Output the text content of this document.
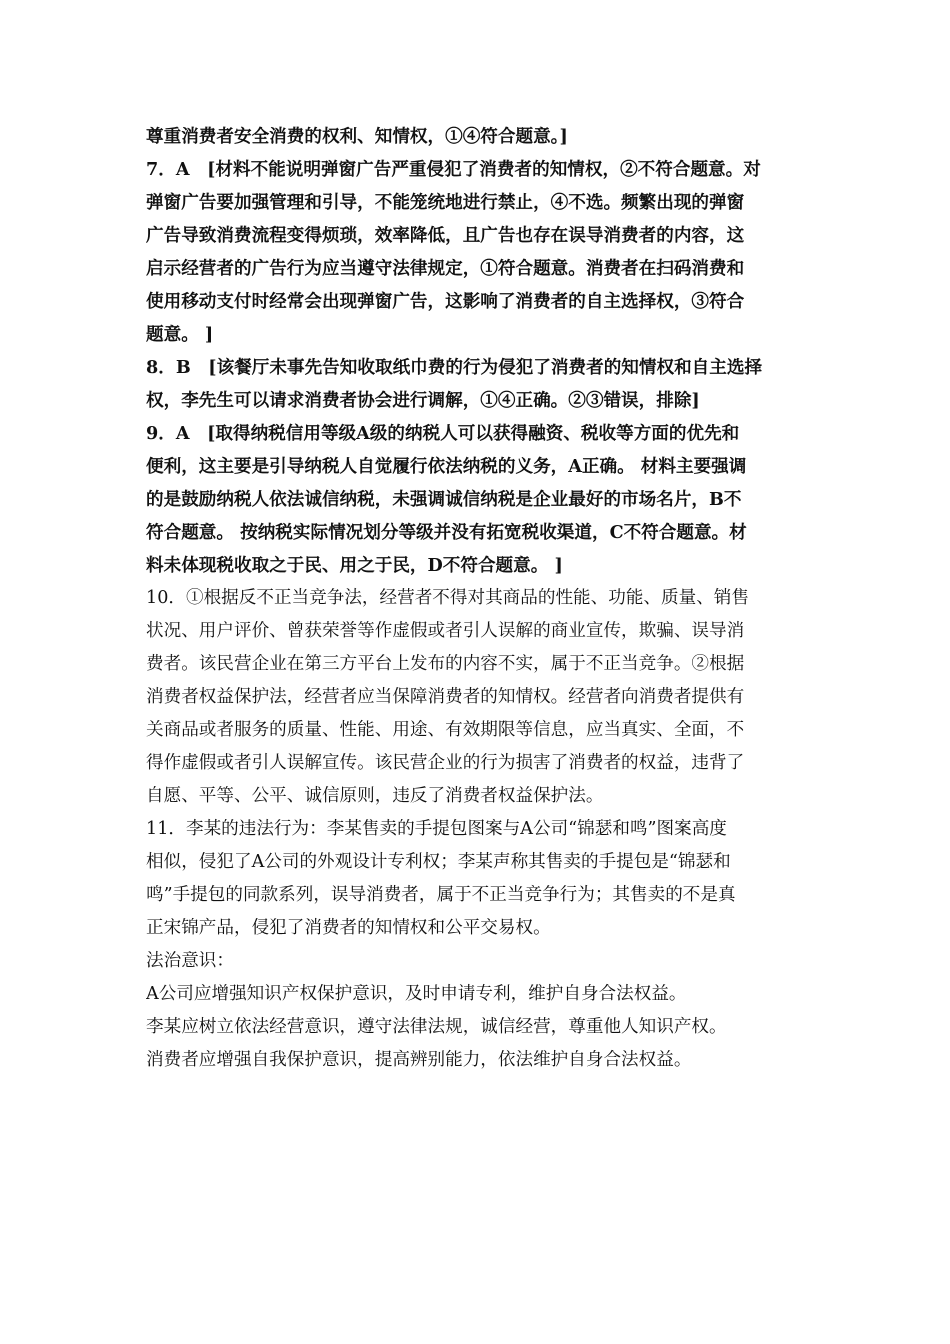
尊重消费者安全消费的权利、知情权，①④符合题意。]
7．A　[材料不能说明弹窗广告严重侵犯了消费者的知情权，②不符合题意。对
弹窗广告要加强管理和引导，不能笼统地进行禁止，④不选。频繁出现的弹窗
广告导致消费流程变得烦琐，效率降低，且广告也存在误导消费者的内容，这
启示经营者的广告行为应当遵守法律规定，①符合题意。消费者在扫码消费和
使用移动支付时经常会出现弹窗广告，这影响了消费者的自主选择权，③符合
题意。 ]
8．B　[该餐厅未事先告知收取纸巾费的行为侵犯了消费者的知情权和自主选择
权，李先生可以请求消费者协会进行调解，①④正确。②③错误，排除]
9．A　[取得纳税信用等级A级的纳税人可以获得融资、税收等方面的优先和
便利，这主要是引导纳税人自觉履行依法纳税的义务，A正确。 材料主要强调
的是鼓励纳税人依法诚信纳税，未强调诚信纳税是企业最好的市场名片，B不
符合题意。 按纳税实际情况划分等级并没有拓宽税收渠道，C不符合题意。材
料未体现税收取之于民、用之于民，D不符合题意。 ]
10．①根据反不正当竞争法，经营者不得对其商品的性能、功能、质量、销售
状况、用户评价、曾获荣誉等作虚假或者引人误解的商业宣传，欺骗、误导消
费者。该民营企业在第三方平台上发布的内容不实，属于不正当竞争。②根据
消费者权益保护法，经营者应当保障消费者的知情权。经营者向消费者提供有
关商品或者服务的质量、性能、用途、有效期限等信息，应当真实、全面，不
得作虚假或者引人误解宣传。该民营企业的行为损害了消费者的权益，违背了
自愿、平等、公平、诚信原则，违反了消费者权益保护法。
11．李某的违法行为：李某售卖的手提包图案与A公司“锦瑟和鸣”图案高度
相似，侵犯了A公司的外观设计专利权；李某声称其售卖的手提包是“锦瑟和
鸣”手提包的同款系列，误导消费者，属于不正当竞争行为；其售卖的不是真
正宋锦产品，侵犯了消费者的知情权和公平交易权。
法治意识：
A公司应增强知识产权保护意识，及时申请专利，维护自身合法权益。
李某应树立依法经营意识，遵守法律法规，诚信经营，尊重他人知识产权。
消费者应增强自我保护意识，提高辨别能力，依法维护自身合法权益。
